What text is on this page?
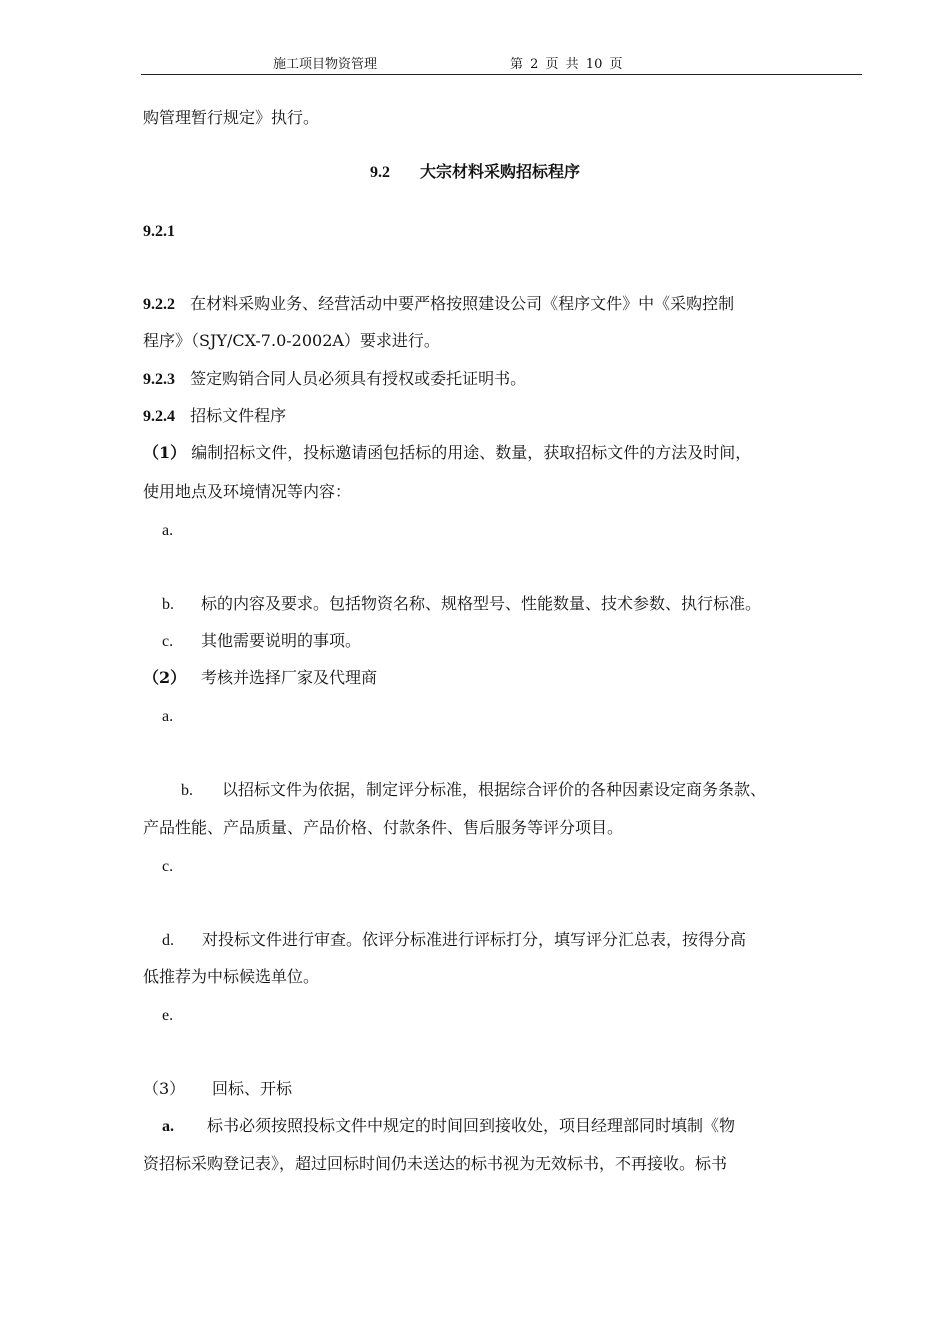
施工项目物资管理	第 2 页 共 10 页
购管理暂行规定》执行。
9.2 大宗材料采购招标程序
9.2.1
9.2.2 在材料采购业务、经营活动中要严格按照建设公司《程序文件》中《采购控制
程序》（SJY/CX-7.0-2002A）要求进行。
9.2.3 签定购销合同人员必须具有授权或委托证明书。
9.2.4 招标文件程序
（1） 编制招标文件，投标邀请函包括标的用途、数量，获取招标文件的方法及时间，
使用地点及环境情况等内容：
a.
b. 标的内容及要求。包括物资名称、规格型号、性能数量、技术参数、执行标准。
c. 其他需要说明的事项。
（2） 考核并选择厂家及代理商
a.
b. 以招标文件为依据，制定评分标准，根据综合评价的各种因素设定商务条款、
产品性能、产品质量、产品价格、付款条件、售后服务等评分项目。
c.
d. 对投标文件进行审查。依评分标准进行评标打分，填写评分汇总表，按得分高
低推荐为中标候选单位。
e.
（3） 回标、开标
a. 标书必须按照投标文件中规定的时间回到接收处，项目经理部同时填制《物
资招标采购登记表》，超过回标时间仍未送达的标书视为无效标书，不再接收。标书
